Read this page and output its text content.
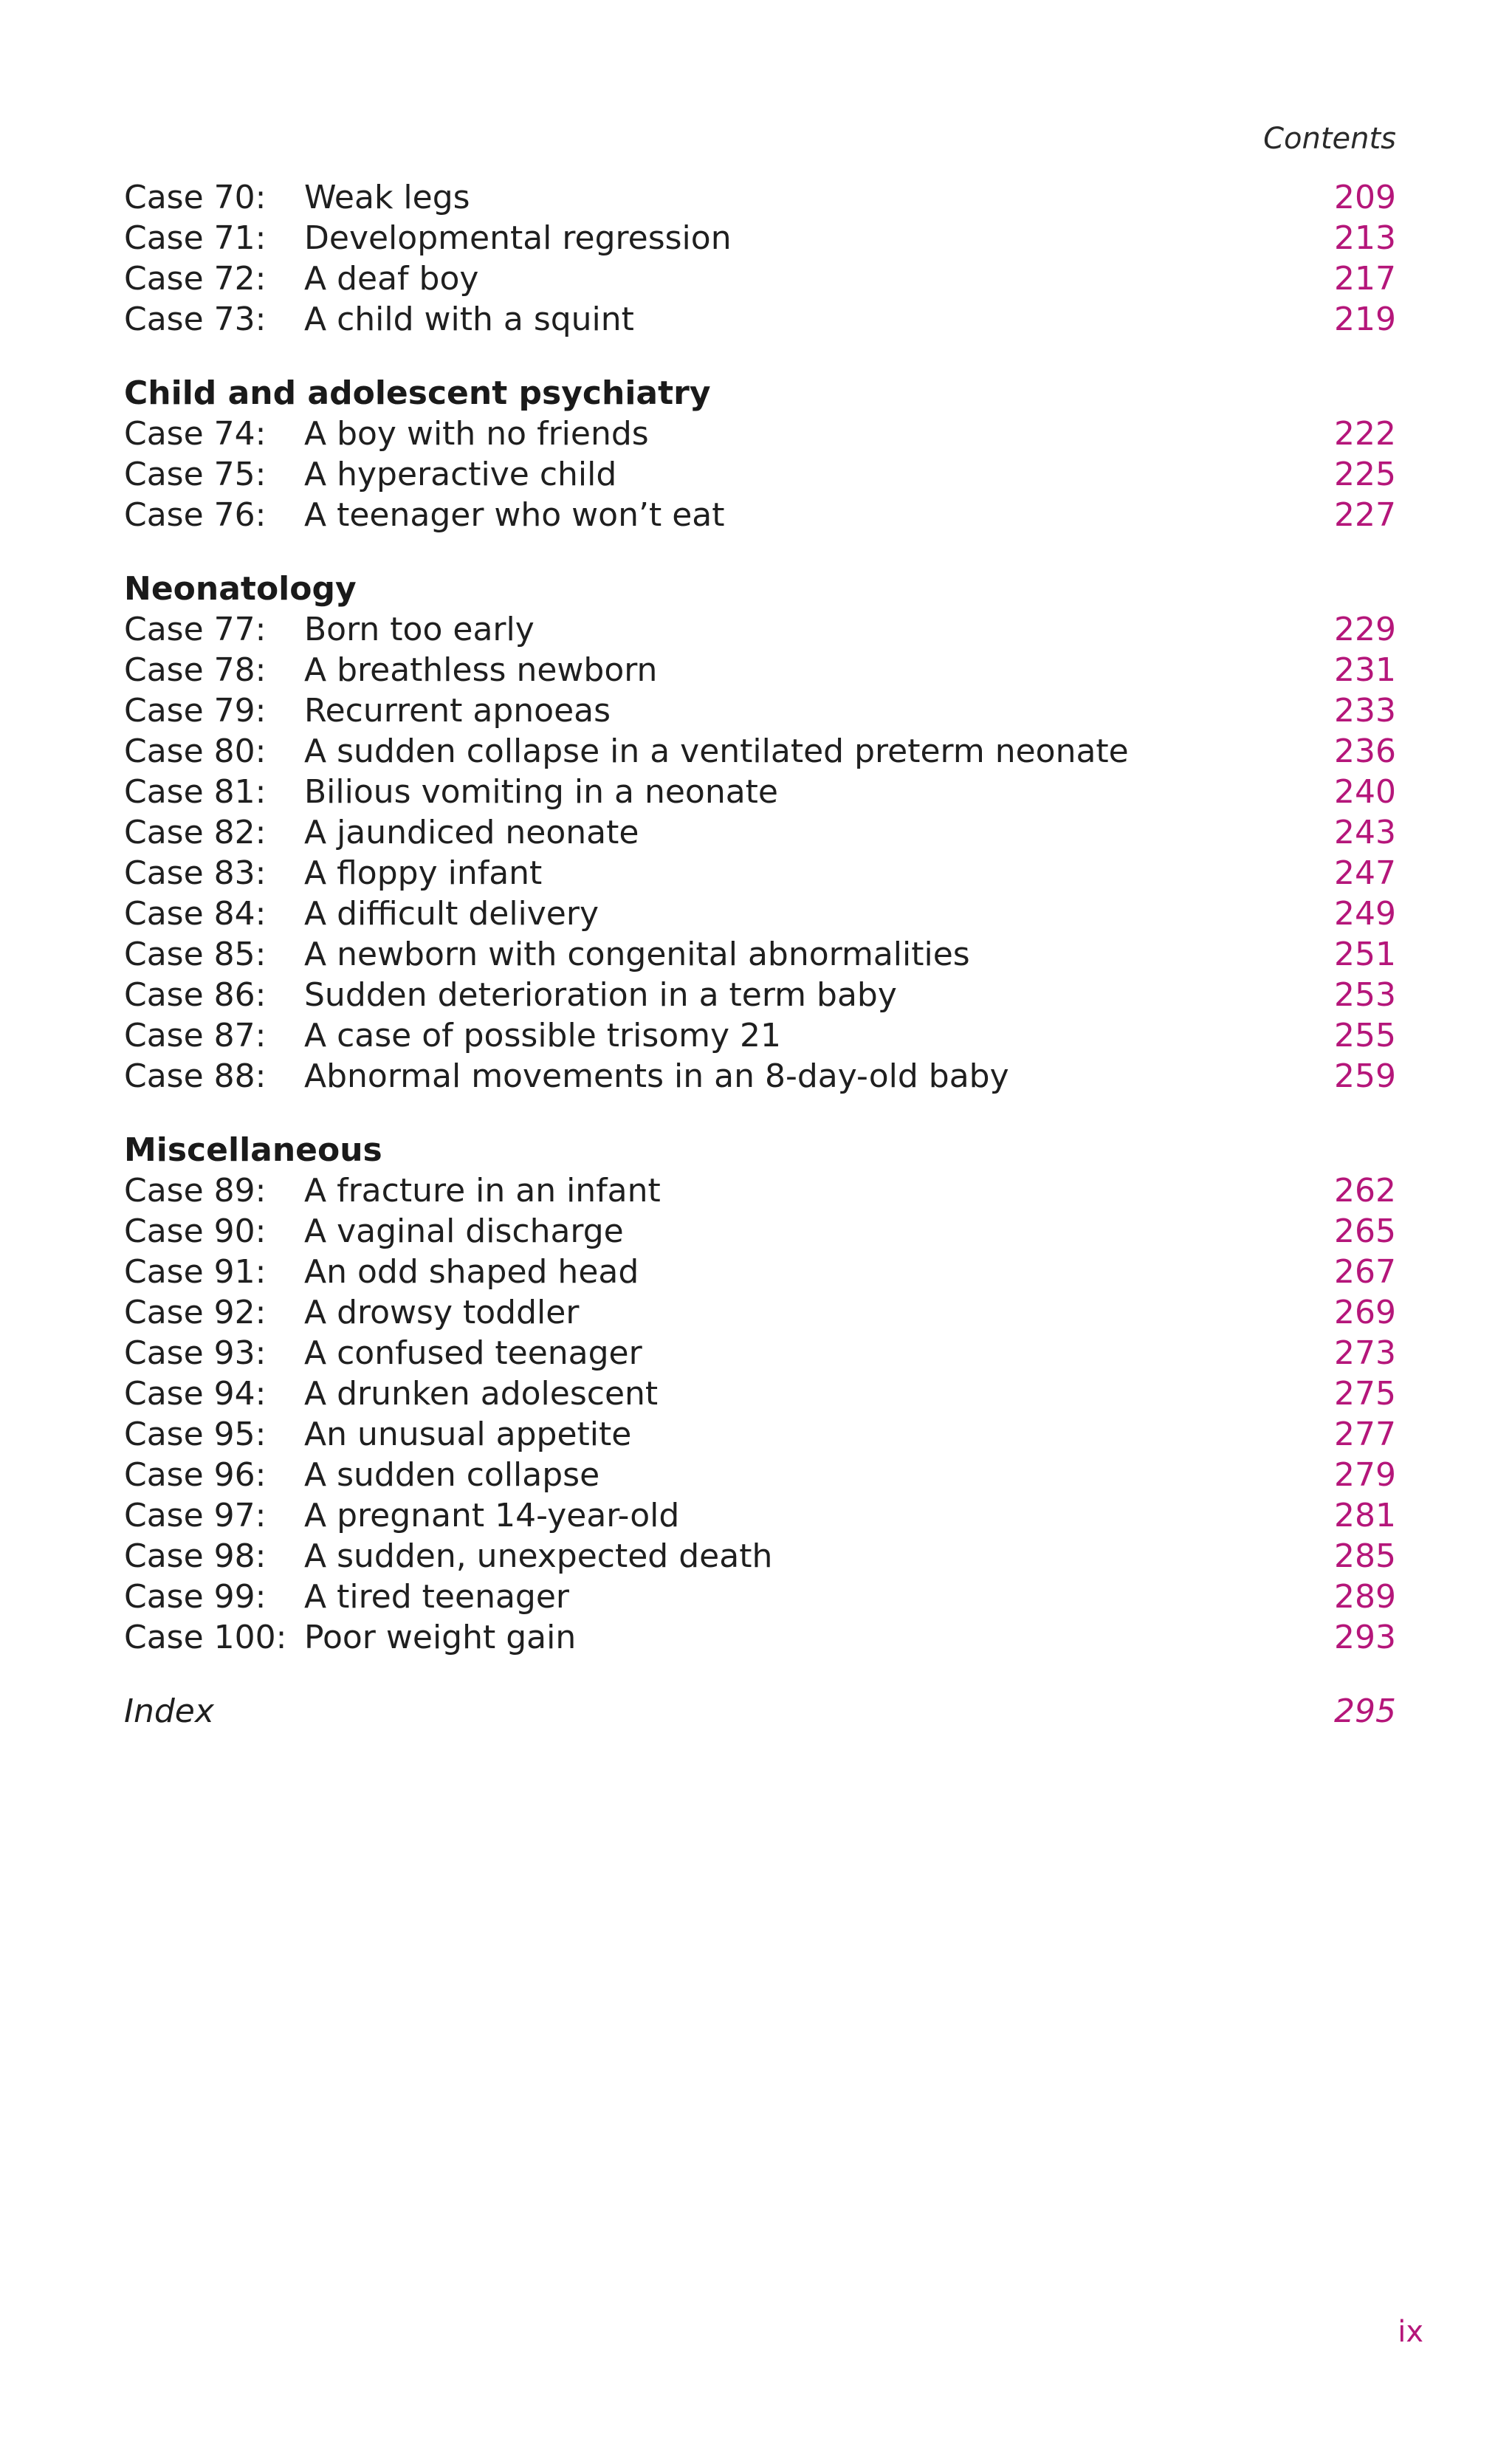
Contents
Case 70:	Weak legs	209
Case 71:	Developmental regression	213
Case 72:	A deaf boy	217
Case 73:	A child with a squint	219
Child and adolescent psychiatry
Case 74:	A boy with no friends	222
Case 75:	A hyperactive child	225
Case 76:	A teenager who won’t eat	227
Neonatology
Case 77:	Born too early	229
Case 78:	A breathless newborn	231
Case 79:	Recurrent apnoeas	233
Case 80:	A sudden collapse in a ventilated preterm neonate	236
Case 81:	Bilious vomiting in a neonate	240
Case 82:	A jaundiced neonate	243
Case 83:	A floppy infant	247
Case 84:	A difficult delivery	249
Case 85:	A newborn with congenital abnormalities	251
Case 86:	Sudden deterioration in a term baby	253
Case 87:	A case of possible trisomy 21	255
Case 88:	Abnormal movements in an 8-day-old baby	259
Miscellaneous
Case 89:	A fracture in an infant	262
Case 90:	A vaginal discharge	265
Case 91:	An odd shaped head	267
Case 92:	A drowsy toddler	269
Case 93:	A confused teenager	273
Case 94:	A drunken adolescent	275
Case 95:	An unusual appetite	277
Case 96:	A sudden collapse	279
Case 97:	A pregnant 14-year-old	281
Case 98:	A sudden, unexpected death	285
Case 99:	A tired teenager	289
Case 100: Poor weight gain	293
Index	295
ix
